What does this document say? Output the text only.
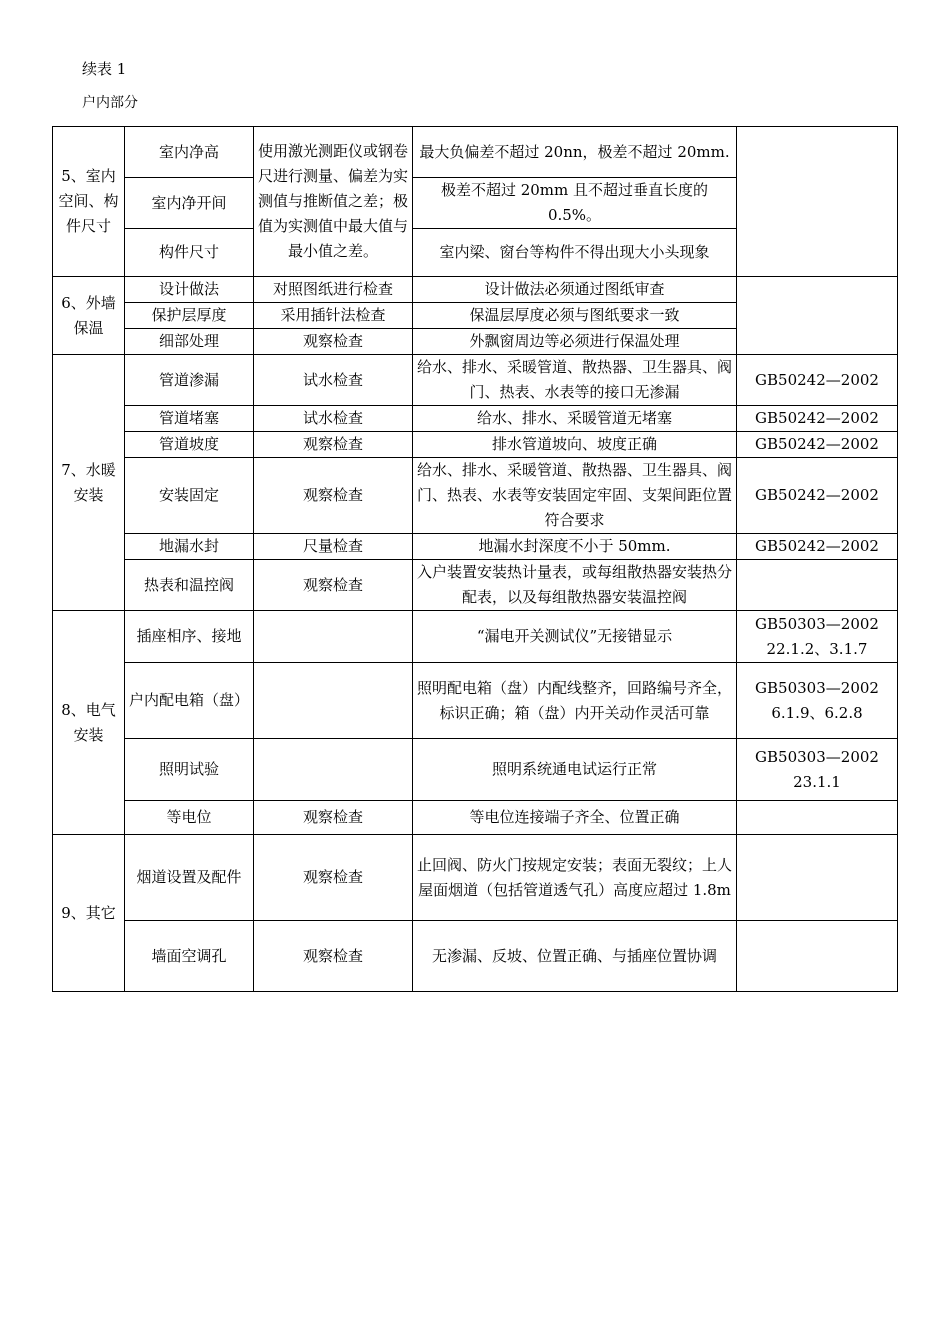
续表 1
户内部分
5、室内空间、构件尺寸	室内净高	使用激光测距仪或钢卷尺进行测量、偏差为实测值与推断值之差；极值为实测值中最大值与最小值之差。	最大负偏差不超过 20nn，极差不超过 20mm.	
	室内净开间		极差不超过 20mm 且不超过垂直长度的 0.5%。	
	构件尺寸		室内梁、窗台等构件不得出现大小头现象	
6、外墙保温	设计做法	对照图纸进行检查	设计做法必须通过图纸审查	
	保护层厚度	采用插针法检查	保温层厚度必须与图纸要求一致	
	细部处理	观察检查	外飘窗周边等必须进行保温处理	
7、水暖安装	管道渗漏	试水检查	给水、排水、采暖管道、散热器、卫生器具、阀门、热表、水表等的接口无渗漏	GB50242—2002
	管道堵塞	试水检查	给水、排水、采暖管道无堵塞	GB50242—2002
	管道坡度	观察检查	排水管道坡向、坡度正确	GB50242—2002
	安装固定	观察检查	给水、排水、采暖管道、散热器、卫生器具、阀门、热表、水表等安装固定牢固、支架间距位置符合要求	GB50242—2002
	地漏水封	尺量检查	地漏水封深度不小于 50mm.	GB50242—2002
	热表和温控阀	观察检查	入户装置安装热计量表，或每组散热器安装热分配表，以及每组散热器安装温控阀	
8、电气安装	插座相序、接地		“漏电开关测试仪”无接错显示	GB50303—2002 22.1.2、3.1.7
	户内配电箱（盘）		照明配电箱（盘）内配线整齐，回路编号齐全，标识正确；箱（盘）内开关动作灵活可靠	GB50303—2002 6.1.9、6.2.8
	照明试验		照明系统通电试运行正常	GB50303—2002 23.1.1
	等电位	观察检查	等电位连接端子齐全、位置正确	
9、其它	烟道设置及配件	观察检查	止回阀、防火门按规定安装；表面无裂纹；上人屋面烟道（包括管道透气孔）高度应超过 1.8m	
	墙面空调孔	观察检查	无渗漏、反坡、位置正确、与插座位置协调	
